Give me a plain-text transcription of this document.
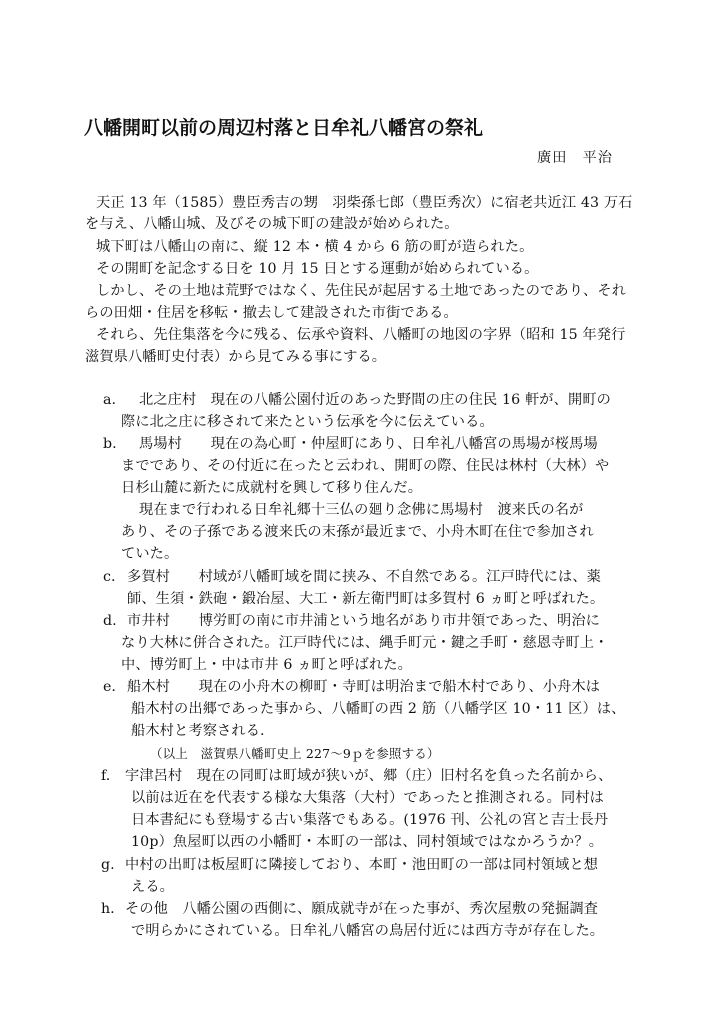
八幡開町以前の周辺村落と日牟礼八幡宮の祭礼
廣田　平治
天正 13 年（1585）豊臣秀吉の甥　羽柴孫七郎（豊臣秀次）に宿老共近江 43 万石
を与え、八幡山城、及びその城下町の建設が始められた。
城下町は八幡山の南に、縦 12 本・横 4 から 6 筋の町が造られた。
その開町を記念する日を 10 月 15 日とする運動が始められている。
しかし、その土地は荒野ではなく、先住民が起居する土地であったのであり、それ
らの田畑・住居を移転・撤去して建設された市街である。
それら、先住集落を今に残る、伝承や資料、八幡町の地図の字界（昭和 15 年発行
滋賀県八幡町史付表）から見てみる事にする。
a. 北之庄村　現在の八幡公園付近のあった野間の庄の住民 16 軒が、開町の
際に北之庄に移されて来たという伝承を今に伝えている。
b. 馬場村　　現在の為心町・仲屋町にあり、日牟礼八幡宮の馬場が桜馬場
までであり、その付近に在ったと云われ、開町の際、住民は林村（大林）や
日杉山麓に新たに成就村を興して移り住んだ。
現在まで行われる日牟礼郷十三仏の廻り念佛に馬場村　渡来氏の名が
あり、その子孫である渡来氏の末孫が最近まで、小舟木町在住で参加され
ていた。
c. 多賀村　　村域が八幡町域を間に挟み、不自然である。江戸時代には、薬
師、生須・鉄砲・鍛冶屋、大工・新左衛門町は多賀村 6 ヵ町と呼ばれた。
d. 市井村　　博労町の南に市井浦という地名があり市井領であった、明治に
なり大林に併合された。江戸時代には、縄手町元・鍵之手町・慈恩寺町上・
中、博労町上・中は市井 6 ヵ町と呼ばれた。
e. 船木村　　現在の小舟木の柳町・寺町は明治まで船木村であり、小舟木は
船木村の出郷であった事から、八幡町の西 2 筋（八幡学区 10・11 区）は、
船木村と考察される.
（以上　滋賀県八幡町史上 227～9ｐを参照する）
f. 宇津呂村　現在の同町は町域が狭いが、郷（庄）旧村名を負った名前から、
以前は近在を代表する様な大集落（大村）であったと推測される。同村は
日本書紀にも登場する古い集落でもある。(1976 刊、公礼の宮と吉士長丹
10p）魚屋町以西の小幡町・本町の一部は、同村領域ではなかろうか？。
g. 中村の出町は板屋町に隣接しており、本町・池田町の一部は同村領域と想
える。
h. その他　八幡公園の西側に、願成就寺が在った事が、秀次屋敷の発掘調査
で明らかにされている。日牟礼八幡宮の鳥居付近には西方寺が存在した。
